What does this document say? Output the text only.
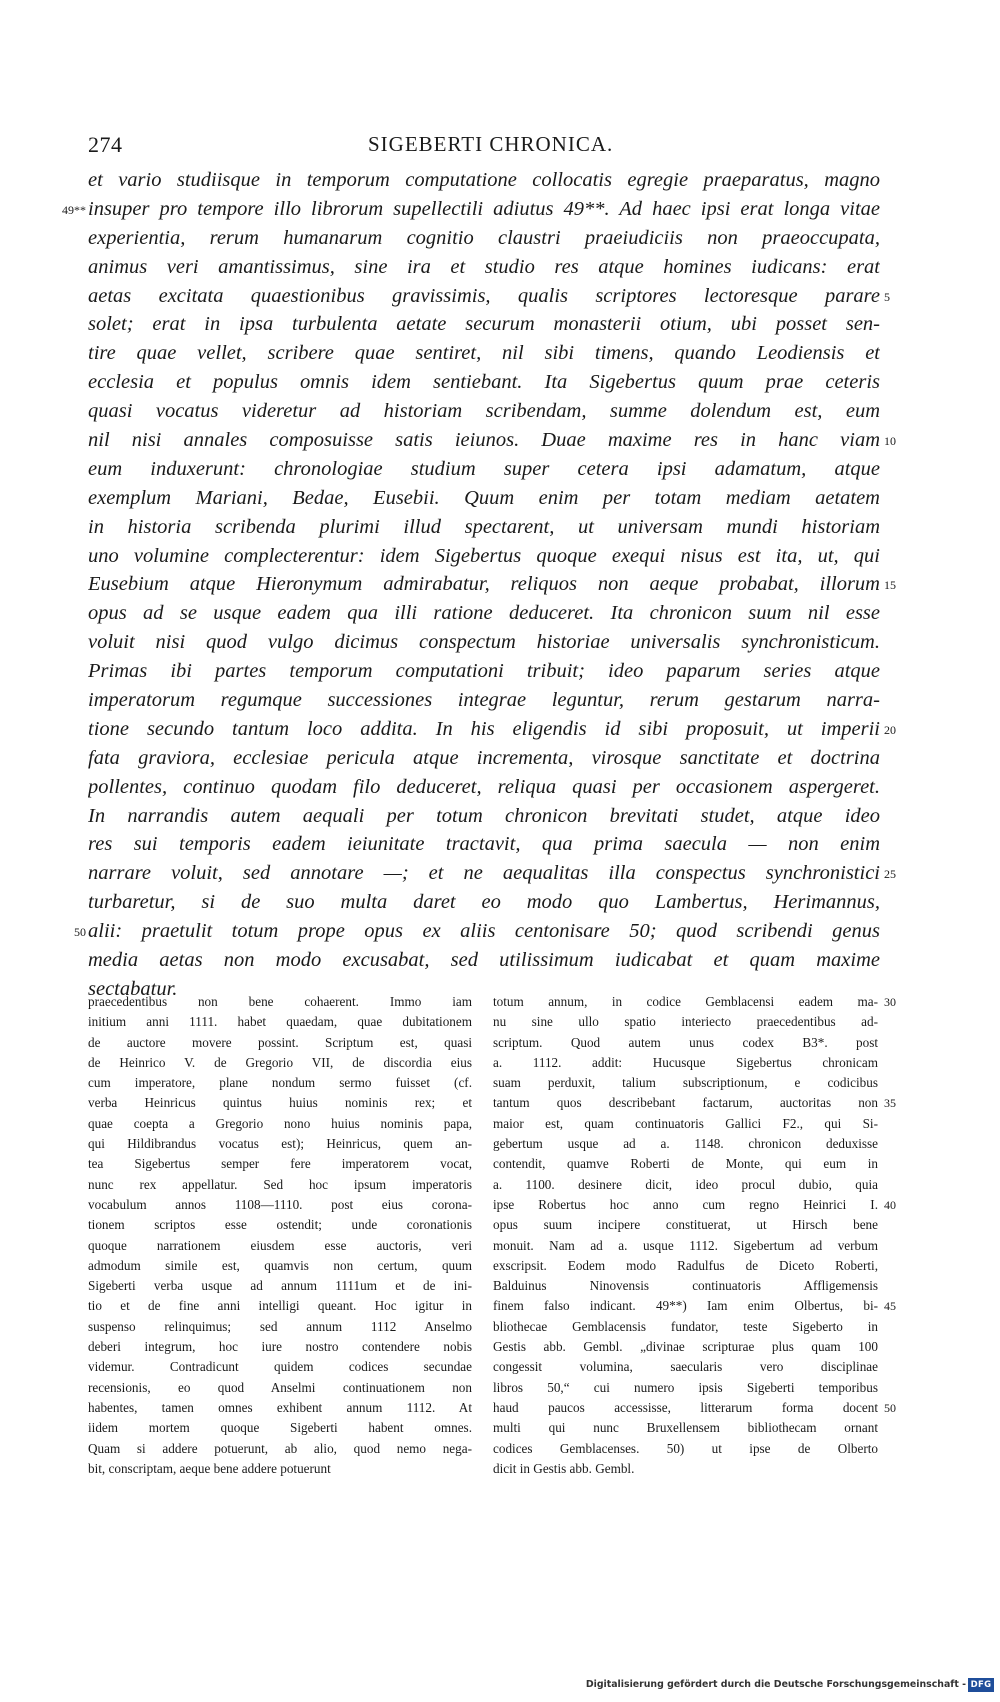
274	SIGEBERTI CHRONICA.
et vario studiisque in temporum computatione collocatis egregie praeparatus, magno
49** insuper pro tempore illo librorum supellectili adiutus 49**. Ad haec ipsi erat longa vitae
experientia, rerum humanarum cognitio claustri praeiudiciis non praeoccupata,
animus veri amantissimus, sine ira et studio res atque homines iudicans: erat
aetas excitata quaestionibus gravissimis, qualis scriptores lectoresque parare 5
solet; erat in ipsa turbulenta aetate securum monasterii otium, ubi posset sen-
tire quae vellet, scribere quae sentiret, nil sibi timens, quando Leodiensis et
ecclesia et populus omnis idem sentiebant. Ita Sigebertus quum prae ceteris
quasi vocatus videretur ad historiam scribendam, summe dolendum est, eum
nil nisi annales composuisse satis ieiunos. Duae maxime res in hanc viam 10
eum induxerunt: chronologiae studium super cetera ipsi adamatum, atque
exemplum Mariani, Bedae, Eusebii. Quum enim per totam mediam aetatem
in historia scribenda plurimi illud spectarent, ut universam mundi historiam
uno volumine complecterentur: idem Sigebertus quoque exequi nisus est ita, ut, qui
Eusebium atque Hieronymum admirabatur, reliquos non aeque probabat, illorum 15
opus ad se usque eadem qua illi ratione deduceret. Ita chronicon suum nil esse
voluit nisi quod vulgo dicimus conspectum historiae universalis synchronisticum.
Primas ibi partes temporum computationi tribuit; ideo paparum series atque
imperatorum regumque successiones integrae leguntur, rerum gestarum narra-
tione secundo tantum loco addita. In his eligendis id sibi proposuit, ut imperii 20
fata graviora, ecclesiae pericula atque incrementa, virosque sanctitate et doctrina
pollentes, continuo quodam filo deduceret, reliqua quasi per occasionem aspergeret.
In narrandis autem aequali per totum chronicon brevitati studet, atque ideo
res sui temporis eadem ieiunitate tractavit, qua prima saecula — non enim
narrare voluit, sed annotare —; et ne aequalitas illa conspectus synchronistici 25
turbaretur, si de suo multa daret eo modo quo Lambertus, Herimannus,
50 alii: praetulit totum prope opus ex aliis centonisare 50; quod scribendi genus
media aetas non modo excusabat, sed utilissimum iudicabat et quam maxime
sectabatur.
praecedentibus non bene cohaerent. Immo iam totum annum, in codice Gemblacensi eadem ma- 30
initium anni 1111. habet quaedam, quae dubitationem nu sine ullo spatio interiecto praecedentibus ad-
de auctore movere possint. Scriptum est, quasi scriptum. Quod autem unus codex B3*. post
de Heinrico V. de Gregorio VII, de discordia eius a. 1112. addit: Hucusque Sigebertus chronicam
cum imperatore, plane nondum sermo fuisset (cf. suam perduxit, talium subscriptionum, e codicibus
verba Heinricus quintus huius nominis rex; et tantum quos describebant factarum, auctoritas non 35
quae coepta a Gregorio nono huius nominis papa, maior est, quam continuatoris Gallici F2., qui Si-
qui Hildibrandus vocatus est); Heinricus, quem an- gebertum usque ad a. 1148. chronicon deduxisse
tea Sigebertus semper fere imperatorem vocat, contendit, quamve Roberti de Monte, qui eum in
nunc rex appellatur. Sed hoc ipsum imperatoris a. 1100. desinere dicit, ideo procul dubio, quia
vocabulum annos 1108—1110. post eius corona- ipse Robertus hoc anno cum regno Heinrici I. 40
tionem scriptos esse ostendit; unde coronationis opus suum incipere constituerat, ut Hirsch bene
quoque narrationem eiusdem esse auctoris, veri monuit. Nam ad a. usque 1112. Sigebertum ad verbum
admodum simile est, quamvis non certum, quum exscripsit. Eodem modo Radulfus de Diceto Roberti,
Sigeberti verba usque ad annum 1111um et de ini- Balduinus Ninovensis continuatoris Affligemensis
tio et de fine anni intelligi queant. Hoc igitur in finem falso indicant. 49**) Iam enim Olbertus, bi- 45
suspenso relinquimus; sed annum 1112 Anselmo bliothecae Gemblacensis fundator, teste Sigeberto in
deberi integrum, hoc iure nostro contendere nobis Gestis abb. Gembl. „divinae scripturae plus quam 100
videmur. Contradicunt quidem codices secundae congessit volumina, saecularis vero disciplinae
recensionis, eo quod Anselmi continuationem non libros 50,“ cui numero ipsis Sigeberti temporibus
habentes, tamen omnes exhibent annum 1112. At haud paucos accessisse, litterarum forma docent 50
iidem mortem quoque Sigeberti habent omnes. multi qui nunc Bruxellensem bibliothecam ornant
Quam si addere potuerunt, ab alio, quod nemo nega- codices Gemblacenses. 50) ut ipse de Olberto
bit, conscriptam, aeque bene addere potuerunt	dicit in Gestis abb. Gembl.
Digitalisierung gefördert durch die Deutsche Forschungsgemeinschaft - DFG
